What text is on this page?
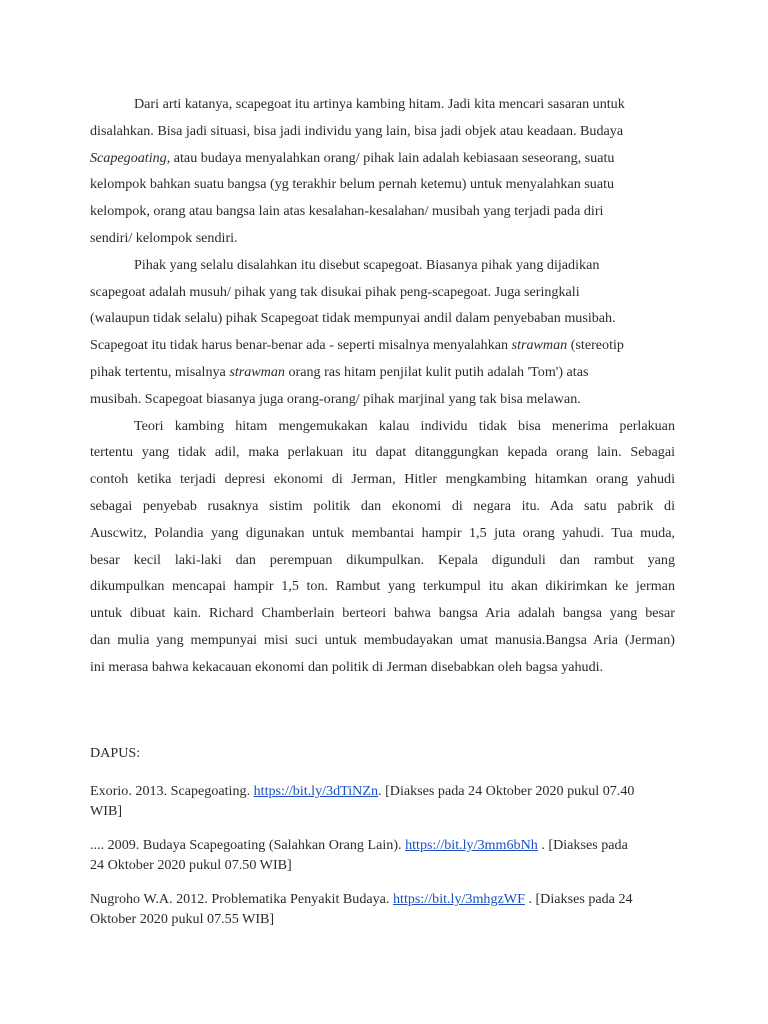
Dari arti katanya, scapegoat itu artinya kambing hitam. Jadi kita mencari sasaran untuk
disalahkan. Bisa jadi situasi, bisa jadi individu yang lain, bisa jadi objek atau keadaan. Budaya
Scapegoating, atau budaya menyalahkan orang/ pihak lain adalah kebiasaan seseorang, suatu
kelompok bahkan suatu bangsa (yg terakhir belum pernah ketemu) untuk menyalahkan suatu
kelompok, orang atau bangsa lain atas kesalahan-kesalahan/ musibah yang terjadi pada diri
sendiri/ kelompok sendiri.

Pihak yang selalu disalahkan itu disebut scapegoat. Biasanya pihak yang dijadikan
scapegoat adalah musuh/ pihak yang tak disukai pihak peng-scapegoat. Juga seringkali
(walaupun tidak selalu) pihak Scapegoat tidak mempunyai andil dalam penyebaban musibah.
Scapegoat itu tidak harus benar-benar ada - seperti misalnya menyalahkan strawman (stereotip
pihak tertentu, misalnya strawman orang ras hitam penjilat kulit putih adalah 'Tom') atas
musibah. Scapegoat biasanya juga orang-orang/ pihak marjinal yang tak bisa melawan.

Teori kambing hitam mengemukakan kalau individu tidak bisa menerima perlakuan
tertentu yang tidak adil, maka perlakuan itu dapat ditanggungkan kepada orang lain. Sebagai
contoh ketika terjadi depresi ekonomi di Jerman, Hitler mengkambing hitamkan orang yahudi
sebagai penyebab rusaknya sistim politik dan ekonomi di negara itu. Ada satu pabrik di
Auscwitz, Polandia yang digunakan untuk membantai hampir 1,5 juta orang yahudi. Tua muda,
besar kecil laki-laki dan perempuan dikumpulkan. Kepala digunduli dan rambut yang
dikumpulkan mencapai hampir 1,5 ton. Rambut yang terkumpul itu akan dikirimkan ke jerman
untuk dibuat kain. Richard Chamberlain berteori bahwa bangsa Aria adalah bangsa yang besar
dan mulia yang mempunyai misi suci untuk membudayakan umat manusia.Bangsa Aria (Jerman)
ini merasa bahwa kekacauan ekonomi dan politik di Jerman disebabkan oleh bagsa yahudi.

DAPUS:

Exorio. 2013. Scapegoating. https://bit.ly/3dTiNZn. [Diakses pada 24 Oktober 2020 pukul 07.40
WIB]

.... 2009. Budaya Scapegoating (Salahkan Orang Lain). https://bit.ly/3mm6bNh . [Diakses pada
24 Oktober 2020 pukul 07.50 WIB]

Nugroho W.A. 2012. Problematika Penyakit Budaya. https://bit.ly/3mhgzWF . [Diakses pada 24
Oktober 2020 pukul 07.55 WIB]
